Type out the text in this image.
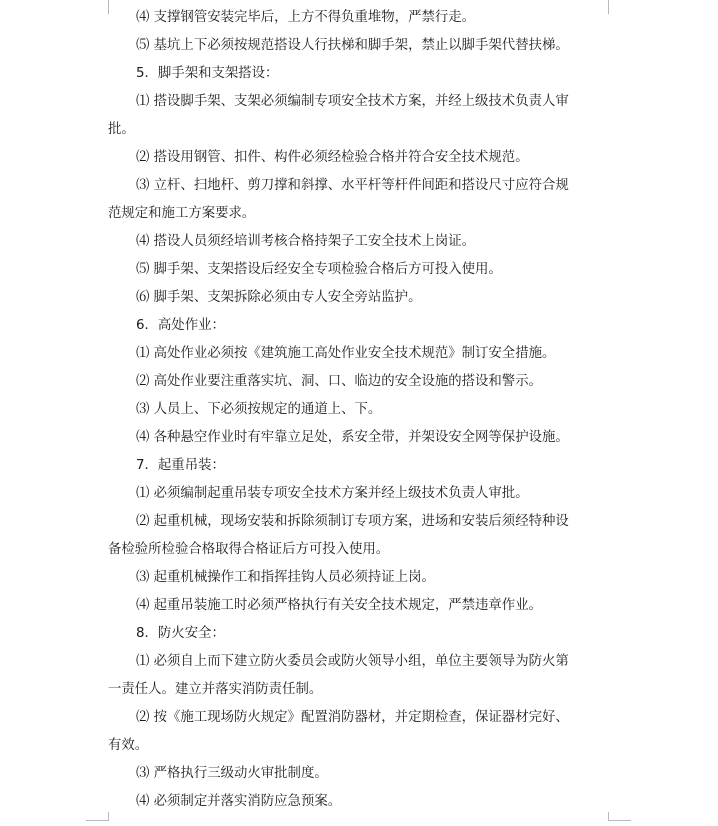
⑷ 支撑钢管安装完毕后，上方不得负重堆物，严禁行走。

⑸ 基坑上下必须按规范搭设人行扶梯和脚手架，禁止以脚手架代替扶梯。

5．脚手架和支架搭设：

⑴ 搭设脚手架、支架必须编制专项安全技术方案，并经上级技术负责人审

批。

⑵ 搭设用钢管、扣件、构件必须经检验合格并符合安全技术规范。

⑶ 立杆、扫地杆、剪刀撑和斜撑、水平杆等杆件间距和搭设尺寸应符合规

范规定和施工方案要求。

⑷ 搭设人员须经培训考核合格持架子工安全技术上岗证。

⑸ 脚手架、支架搭设后经安全专项检验合格后方可投入使用。

⑹ 脚手架、支架拆除必须由专人安全旁站监护。

6．高处作业：

⑴ 高处作业必须按《建筑施工高处作业安全技术规范》制订安全措施。

⑵ 高处作业要注重落实坑、洞、口、临边的安全设施的搭设和警示。

⑶ 人员上、下必须按规定的通道上、下。

⑷ 各种悬空作业时有牢靠立足处，系安全带，并架设安全网等保护设施。

7．起重吊装：

⑴ 必须编制起重吊装专项安全技术方案并经上级技术负责人审批。

⑵ 起重机械，现场安装和拆除须制订专项方案，进场和安装后须经特种设

备检验所检验合格取得合格证后方可投入使用。

⑶ 起重机械操作工和指挥挂钩人员必须持证上岗。

⑷ 起重吊装施工时必须严格执行有关安全技术规定，严禁违章作业。

8．防火安全：

⑴ 必须自上而下建立防火委员会或防火领导小组，单位主要领导为防火第

一责任人。建立并落实消防责任制。

⑵ 按《施工现场防火规定》配置消防器材，并定期检查，保证器材完好、

有效。

⑶ 严格执行三级动火审批制度。

⑷ 必须制定并落实消防应急预案。
